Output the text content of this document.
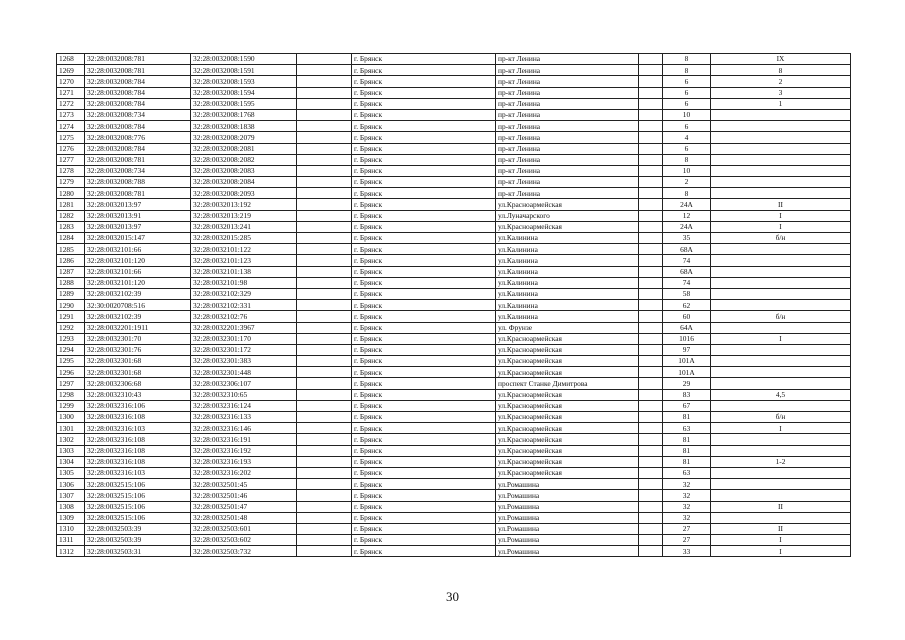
1268	32:28:0032008:781	32:28:0032008:1590		г. Брянск	пр-кт Ленина		8	IX
1269	32:28:0032008:781	32:28:0032008:1591		г. Брянск	пр-кт Ленина		8	8
1270	32:28:0032008:784	32:28:0032008:1593		г. Брянск	пр-кт Ленина		6	2
1271	32:28:0032008:784	32:28:0032008:1594		г. Брянск	пр-кт Ленина		6	3
1272	32:28:0032008:784	32:28:0032008:1595		г. Брянск	пр-кт Ленина		6	1
1273	32:28:0032008:734	32:28:0032008:1768		г. Брянск	пр-кт Ленина		10	
1274	32:28:0032008:784	32:28:0032008:1838		г. Брянск	пр-кт Ленина		6	
1275	32:28:0032008:776	32:28:0032008:2079		г. Брянск	пр-кт Ленина		4	
1276	32:28:0032008:784	32:28:0032008:2081		г. Брянск	пр-кт Ленина		6	
1277	32:28:0032008:781	32:28:0032008:2082		г. Брянск	пр-кт Ленина		8	
1278	32:28:0032008:734	32:28:0032008:2083		г. Брянск	пр-кт Ленина		10	
1279	32:28:0032008:788	32:28:0032008:2084		г. Брянск	пр-кт Ленина		2	
1280	32:28:0032008:781	32:28:0032008:2093		г. Брянск	пр-кт Ленина		8	
1281	32:28:0032013:97	32:28:0032013:192		г. Брянск	ул.Красноармейская		24А	II
1282	32:28:0032013:91	32:28:0032013:219		г. Брянск	ул.Луначарского		12	I
1283	32:28:0032013:97	32:28:0032013:241		г. Брянск	ул.Красноармейская		24А	I
1284	32:28:0032015:147	32:28:0032015:285		г. Брянск	ул.Калинина		35	б/н
1285	32:28:0032101:66	32:28:0032101:122		г. Брянск	ул.Калинина		68А	
1286	32:28:0032101:120	32:28:0032101:123		г. Брянск	ул.Калинина		74	
1287	32:28:0032101:66	32:28:0032101:138		г. Брянск	ул.Калинина		68А	
1288	32:28:0032101:120	32:28:0032101:98		г. Брянск	ул.Калинина		74	
1289	32:28:0032102:39	32:28:0032102:329		г. Брянск	ул.Калинина		58	
1290	32:30:0020708:516	32:28:0032102:331		г. Брянск	ул.Калинина		62	
1291	32:28:0032102:39	32:28:0032102:76		г. Брянск	ул.Калинина		60	б/н
1292	32:28:0032201:1911	32:28:0032201:3967		г. Брянск	ул. Фрунзе		64А	
1293	32:28:0032301:70	32:28:0032301:170		г. Брянск	ул.Красноармейская		1016	I
1294	32:28:0032301:76	32:28:0032301:172		г. Брянск	ул.Красноармейская		97	
1295	32:28:0032301:68	32:28:0032301:383		г. Брянск	ул.Красноармейская		101А	
1296	32:28:0032301:68	32:28:0032301:448		г. Брянск	ул.Красноармейская		101А	
1297	32:28:0032306:68	32:28:0032306:107		г. Брянск	проспект Станке Димитрова		29	
1298	32:28:0032310:43	32:28:0032310:65		г. Брянск	ул.Красноармейская		83	4,5
1299	32:28:0032316:106	32:28:0032316:124		г. Брянск	ул.Красноармейская		67	
1300	32:28:0032316:108	32:28:0032316:133		г. Брянск	ул.Красноармейская		81	б/н
1301	32:28:0032316:103	32:28:0032316:146		г. Брянск	ул.Красноармейская		63	I
1302	32:28:0032316:108	32:28:0032316:191		г. Брянск	ул.Красноармейская		81	
1303	32:28:0032316:108	32:28:0032316:192		г. Брянск	ул.Красноармейская		81	
1304	32:28:0032316:108	32:28:0032316:193		г. Брянск	ул.Красноармейская		81	1-2
1305	32:28:0032316:103	32:28:0032316:202		г. Брянск	ул.Красноармейская		63	
1306	32:28:0032515:106	32:28:0032501:45		г. Брянск	ул.Ромашина		32	
1307	32:28:0032515:106	32:28:0032501:46		г. Брянск	ул.Ромашина		32	
1308	32:28:0032515:106	32:28:0032501:47		г. Брянск	ул.Ромашина		32	II
1309	32:28:0032515:106	32:28:0032501:48		г. Брянск	ул.Ромашина		32	
1310	32:28:0032503:39	32:28:0032503:601		г. Брянск	ул.Ромашина		27	II
1311	32:28:0032503:39	32:28:0032503:602		г. Брянск	ул.Ромашина		27	I
1312	32:28:0032503:31	32:28:0032503:732		г. Брянск	ул.Ромашина		33	I
30
